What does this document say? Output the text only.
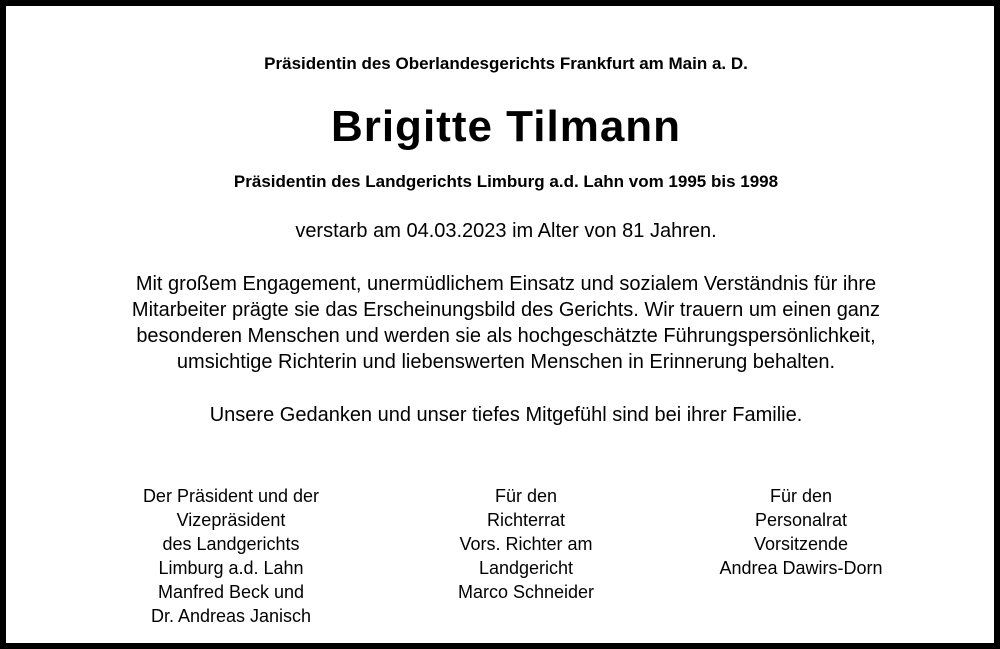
Präsidentin des Oberlandesgerichts Frankfurt am Main a. D.
Brigitte Tilmann
Präsidentin des Landgerichts Limburg a.d. Lahn vom 1995 bis 1998
verstarb am 04.03.2023 im Alter von 81 Jahren.
Mit großem Engagement, unermüdlichem Einsatz und sozialem Verständnis für ihre
Mitarbeiter prägte sie das Erscheinungsbild des Gerichts. Wir trauern um einen ganz
besonderen Menschen und werden sie als hochgeschätzte Führungspersönlichkeit,
umsichtige Richterin und liebenswerten Menschen in Erinnerung behalten.
Unsere Gedanken und unser tiefes Mitgefühl sind bei ihrer Familie.
Der Präsident und der
Vizepräsident
des Landgerichts
Limburg a.d. Lahn
Manfred Beck und
Dr. Andreas Janisch
Für den
Richterrat
Vors. Richter am
Landgericht
Marco Schneider
Für den
Personalrat
Vorsitzende
Andrea Dawirs-Dorn
